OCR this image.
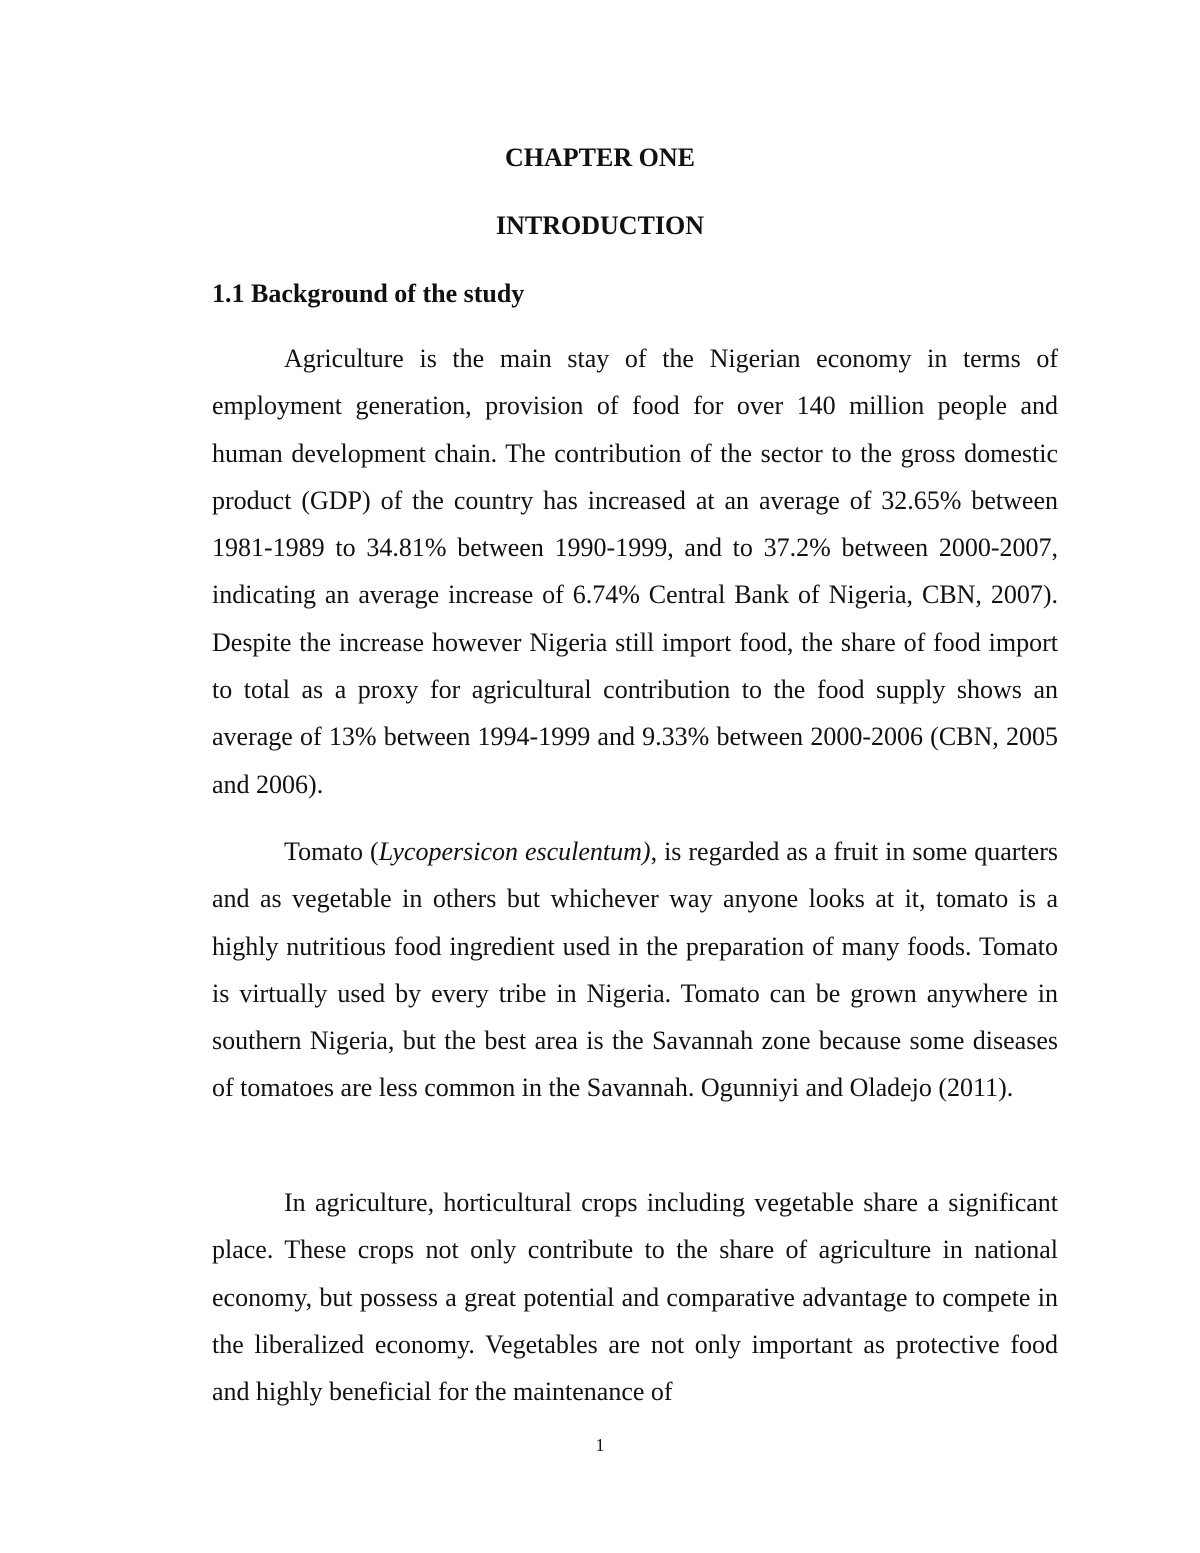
CHAPTER ONE
INTRODUCTION
1.1 Background of the study

Agriculture is the main stay of the Nigerian economy in terms of employment generation, provision of food for over 140 million people and human development chain. The contribution of the sector to the gross domestic product (GDP) of the country has increased at an average of 32.65% between 1981-1989 to 34.81% between 1990-1999, and to 37.2% between 2000-2007, indicating an average increase of 6.74% Central Bank of Nigeria, CBN, 2007). Despite the increase however Nigeria still import food, the share of food import to total as a proxy for agricultural contribution to the food supply shows an average of 13% between 1994-1999 and 9.33% between 2000-2006 (CBN, 2005 and 2006).

Tomato (Lycopersicon esculentum), is regarded as a fruit in some quarters and as vegetable in others but whichever way anyone looks at it, tomato is a highly nutritious food ingredient used in the preparation of many foods. Tomato is virtually used by every tribe in Nigeria. Tomato can be grown anywhere in southern Nigeria, but the best area is the Savannah zone because some diseases of tomatoes are less common in the Savannah. Ogunniyi and Oladejo (2011).

In agriculture, horticultural crops including vegetable share a significant place. These crops not only contribute to the share of agriculture in national economy, but possess a great potential and comparative advantage to compete in the liberalized economy. Vegetables are not only important as protective food and highly beneficial for the maintenance of

1
